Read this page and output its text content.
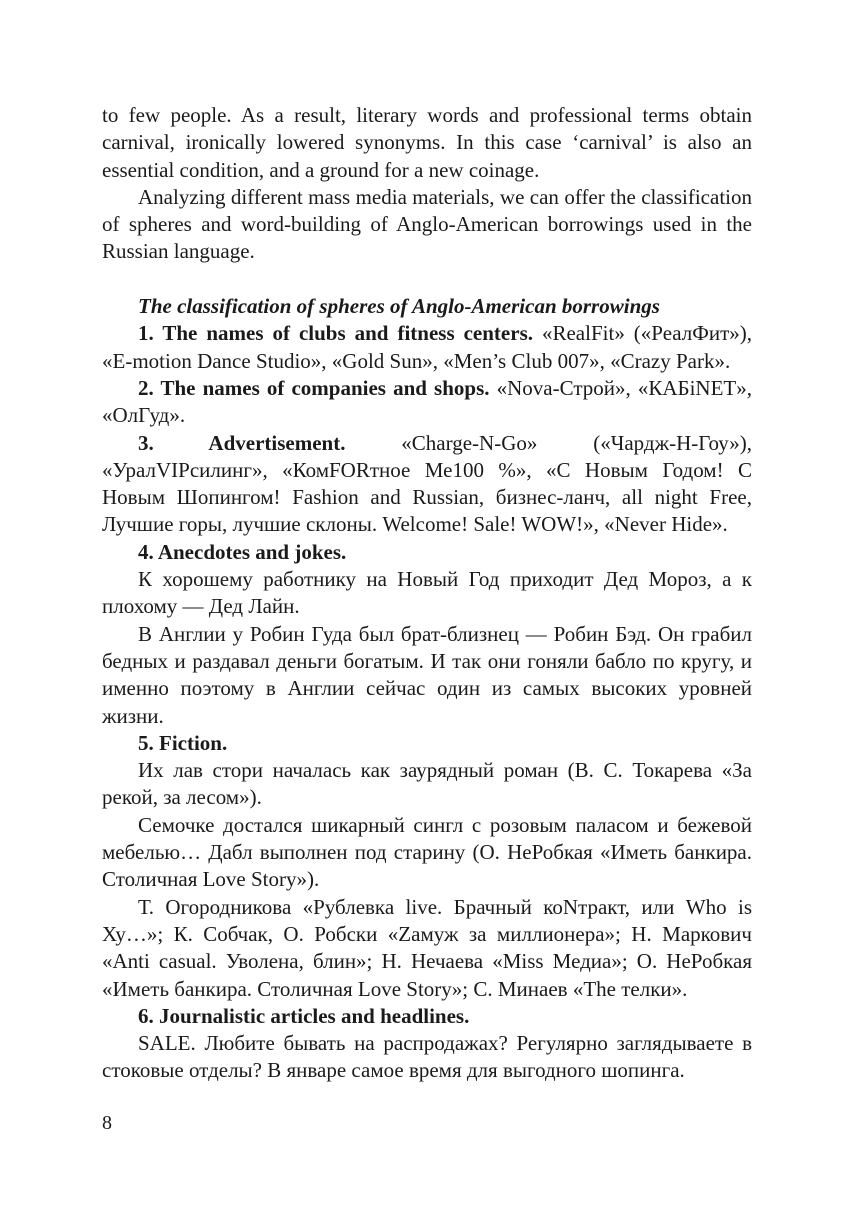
to few people. As a result, literary words and professional terms obtain carnival, ironically lowered synonyms. In this case ‘carnival’ is also an essential condition, and a ground for a new coinage.

Analyzing different mass media materials, we can offer the classification of spheres and word-building of Anglo-American borrowings used in the Russian language.

The classification of spheres of Anglo-American borrowings

1. The names of clubs and fitness centers. «RealFit» («РеалФит»), «E-motion Dance Studio», «Gold Sun», «Men’s Club 007», «Crazy Park».

2. The names of companies and shops. «Nova-Строй», «КАБiNET», «ОлГуд».

3. Advertisement.	«Charge-N-Go» («Чардж-Н-Гоу»), «УралVIPсилинг», «КомFORтное Ме100 %», «С Новым Годом! С Новым Шопингом! Fashion and Russian, бизнес-ланч, all night Free, Лучшие горы, лучшие склоны. Welcome! Sale! WOW!», «Never Hide».

4. Anecdotes and jokes.

К хорошему работнику на Новый Год приходит Дед Мороз, а к плохому — Дед Лайн.

В Англии у Робин Гуда был брат-близнец — Робин Бэд. Он грабил бедных и раздавал деньги богатым. И так они гоняли бабло по кругу, и именно поэтому в Англии сейчас один из самых высоких уровней жизни.

5. Fiction.

Их лав стори началась как заурядный роман (В. С. Токарева «За рекой, за лесом»).

Семочке достался шикарный сингл с розовым паласом и бежевой мебелью… Дабл выполнен под старину (О. НеРобкая «Иметь банкира. Столичная Love Story»).

Т. Огородникова «Рублевка live. Брачный коNтракт, или Who is Ху…»; К. Собчак, О. Робски «Zамуж за миллионера»; Н. Маркович «Anti casual. Уволена, блин»; Н. Нечаева «Miss Медиа»; О. НеРобкая «Иметь банкира. Столичная Love Story»; С. Минаев «The телки».

6. Journalistic articles and headlines.

SALE. Любите бывать на распродажах? Регулярно заглядываете в стоковые отделы? В январе самое время для выгодного шопинга.

8
